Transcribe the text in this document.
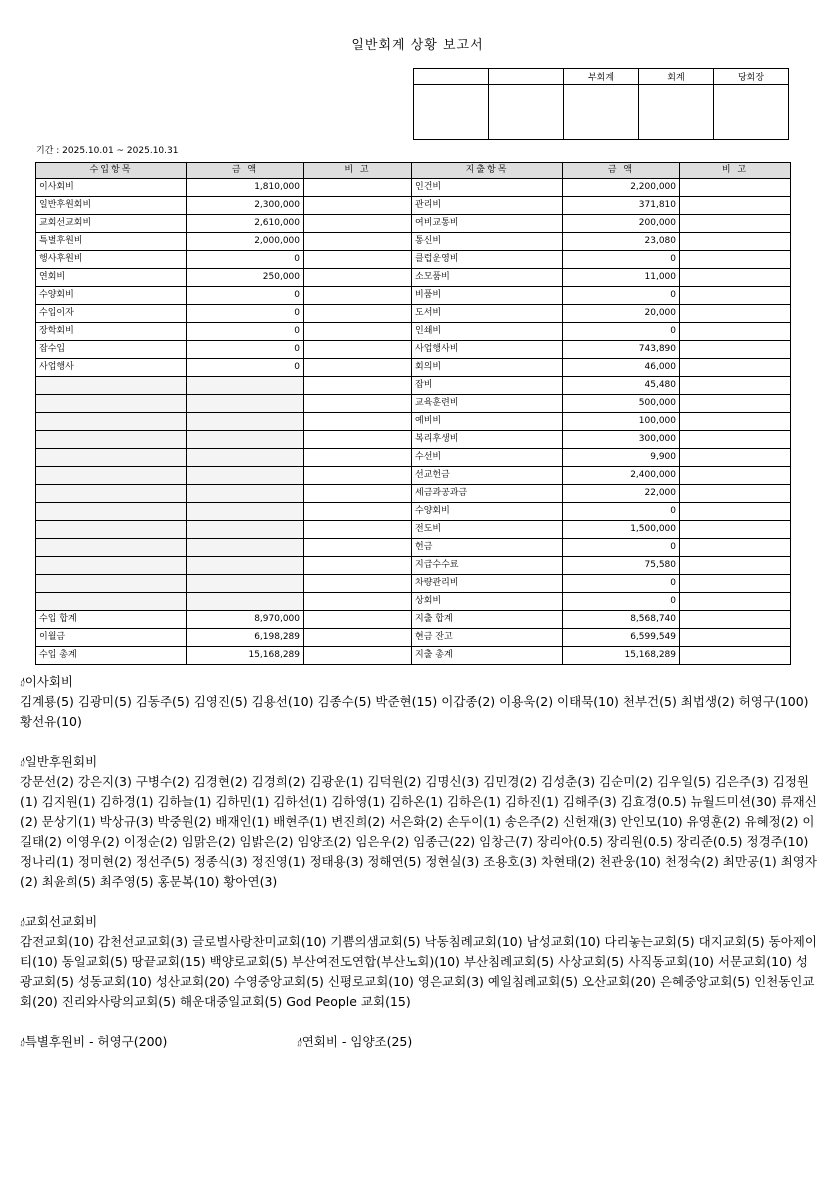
일반회계 상황 보고서
		부회계	회계	당회장

기간 : 2025.10.01 ~ 2025.10.31
수입항목	금 액	비 고	지출항목	금 액	비 고
이사회비	1,810,000		인건비	2,200,000	
일반후원회비	2,300,000		관리비	371,810	
교회선교회비	2,610,000		여비교통비	200,000	
특별후원비	2,000,000		통신비	23,080	
행사후원비	0		클럽운영비	0	
연회비	250,000		소모품비	11,000	
수양회비	0		비품비	0	
수입이자	0		도서비	20,000	
장학회비	0		인쇄비	0	
잡수입	0		사업행사비	743,890	
사업행사	0		회의비	46,000	
			잡비	45,480	
			교육훈련비	500,000	
			예비비	100,000	
			복리후생비	300,000	
			수선비	9,900	
			선교헌금	2,400,000	
			세금과공과금	22,000	
			수양회비	0	
			전도비	1,500,000	
			헌금	0	
			지급수수료	75,580	
			차량관리비	0	
			상회비	0	
수입 합계	8,970,000		지출 합계	8,568,740	
이월금	6,198,289		현금 잔고	6,599,549	
수입 총계	15,168,289		지출 총계	15,168,289	

🖞이사회비

김계룡(5) 김광미(5) 김동주(5) 김영진(5) 김용선(10) 김종수(5) 박준현(15) 이갑종(2) 이용욱(2) 이태묵(10) 천부건(5) 최법생(2) 허영구(100) 황선유(10)

🖞일반후원회비

강문선(2) 강은지(3) 구병수(2) 김경현(2) 김경희(2) 김광운(1) 김덕원(2) 김명신(3) 김민경(2) 김성춘(3) 김순미(2) 김우일(5) 김은주(3) 김정원(1) 김지원(1) 김하경(1) 김하늘(1) 김하민(1) 김하선(1) 김하영(1) 김하온(1) 김하은(1) 김하진(1) 김해주(3) 김효경(0.5) 뉴월드미션(30) 류재신(2) 문상기(1) 박상규(3) 박중원(2) 배재인(1) 배현주(1) 변진희(2) 서은화(2) 손두이(1) 송은주(2) 신헌재(3) 안인모(10) 유영훈(2) 유혜정(2) 이길태(2) 이영우(2) 이정순(2) 임맑은(2) 임밝은(2) 임양조(2) 임은우(2) 임종근(22) 임창근(7) 장리아(0.5) 장리원(0.5) 장리준(0.5) 정경주(10) 정나리(1) 정미현(2) 정선주(5) 정종식(3) 정진영(1) 정태용(3) 정해연(5) 정현실(3) 조용호(3) 차현태(2) 천관웅(10) 천정숙(2) 최만공(1) 최영자(2) 최윤희(5) 최주영(5) 홍문복(10) 황아연(3)

🖞교회선교회비

감전교회(10) 감천선교교회(3) 글로벌사랑찬미교회(10) 기쁨의샘교회(5) 낙동침례교회(10) 남성교회(10) 다리놓는교회(5) 대지교회(5) 동아제이티(10) 동일교회(5) 땅끝교회(15) 백양로교회(5) 부산여전도연합(부산노회)(10) 부산침례교회(5) 사상교회(5) 사직동교회(10) 서문교회(10) 성광교회(5) 성동교회(10) 성산교회(20) 수영중앙교회(5) 신평로교회(10) 영은교회(3) 예일침례교회(5) 오산교회(20) 은혜중앙교회(5) 인천동인교회(20) 진리와사랑의교회(5) 해운대중일교회(5) God People 교회(15)

🖞특별후원비 - 허영구(200)	🖞연회비 - 임양조(25)
